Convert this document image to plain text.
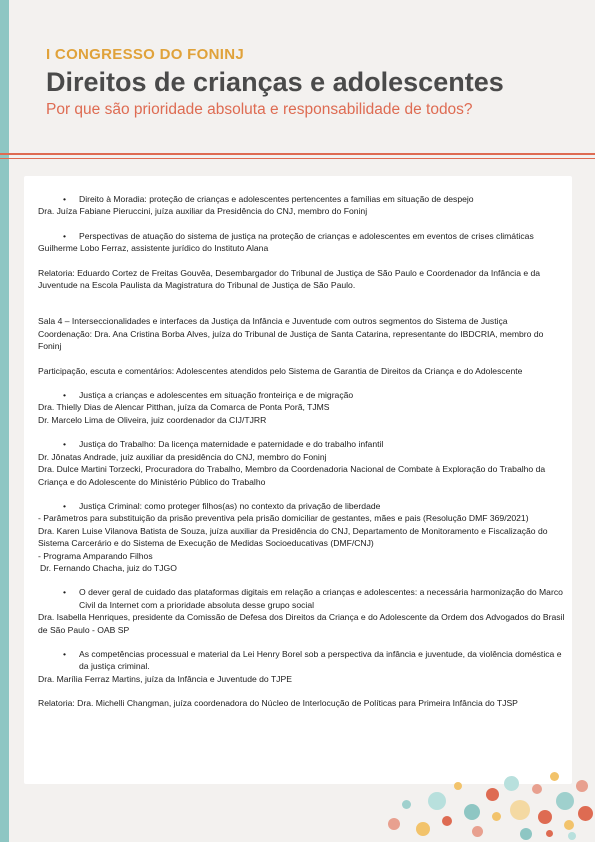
I CONGRESSO DO FONINJ
Direitos de crianças e adolescentes
Por que são prioridade absoluta e responsabilidade de todos?

•	Direito à Moradia: proteção de crianças e adolescentes pertencentes a famílias em situação de despejo

Dra. Juíza Fabiane Pieruccini, juíza auxiliar da Presidência do CNJ, membro do Foninj

•	Perspectivas de atuação do sistema de justiça na proteção de crianças e adolescentes em eventos de crises climáticas

Guilherme Lobo Ferraz, assistente jurídico do Instituto Alana

Relatoria: Eduardo Cortez de Freitas Gouvêa, Desembargador do Tribunal de Justiça de São Paulo e Coordenador da Infância e da Juventude na Escola Paulista da Magistratura do Tribunal de Justiça de São Paulo.

Sala 4 – Interseccionalidades e interfaces da Justiça da Infância e Juventude com outros segmentos do Sistema de Justiça

Coordenação: Dra. Ana Cristina Borba Alves, juíza do Tribunal de Justiça de Santa Catarina, representante do IBDCRIA, membro do Foninj

Participação, escuta e comentários: Adolescentes atendidos pelo Sistema de Garantia de Direitos da Criança e do Adolescente

•	Justiça a crianças e adolescentes em situação fronteiriça e de migração

Dra. Thielly Dias de Alencar Pitthan, juíza da Comarca de Ponta Porã, TJMS

Dr. Marcelo Lima de Oliveira, juiz coordenador da CIJ/TJRR

•	Justiça do Trabalho: Da licença maternidade e paternidade e do trabalho infantil

Dr. Jônatas Andrade, juiz auxiliar da presidência do CNJ, membro do Foninj

Dra. Dulce Martini Torzecki, Procuradora do Trabalho, Membro da Coordenadoria Nacional de Combate à Exploração do Trabalho da Criança e do Adolescente do Ministério Público do Trabalho

•	Justiça Criminal: como proteger filhos(as) no contexto da privação de liberdade

- Parâmetros para substituição da prisão preventiva pela prisão domiciliar de gestantes, mães e pais (Resolução DMF 369/2021)

Dra. Karen Luise Vilanova Batista de Souza, juíza auxiliar da Presidência do CNJ, Departamento de Monitoramento e Fiscalização do Sistema Carcerário e do Sistema de Execução de Medidas Socioeducativas (DMF/CNJ)

- Programa Amparando Filhos

Dr. Fernando Chacha, juiz do TJGO

•	O dever geral de cuidado das plataformas digitais em relação a crianças e adolescentes: a necessária harmonização do Marco Civil da Internet com a prioridade absoluta desse grupo social

Dra. Isabella Henriques, presidente da Comissão de Defesa dos Direitos da Criança e do Adolescente da Ordem dos Advogados do Brasil de São Paulo - OAB SP

•	As competências processual e material da Lei Henry Borel sob a perspectiva da infância e juventude, da violência doméstica e da justiça criminal.

Dra. Marília Ferraz Martins, juíza da Infância e Juventude do TJPE

Relatoria: Dra. Michelli Changman, juíza coordenadora do Núcleo de Interlocução de Políticas para Primeira Infância do TJSP
